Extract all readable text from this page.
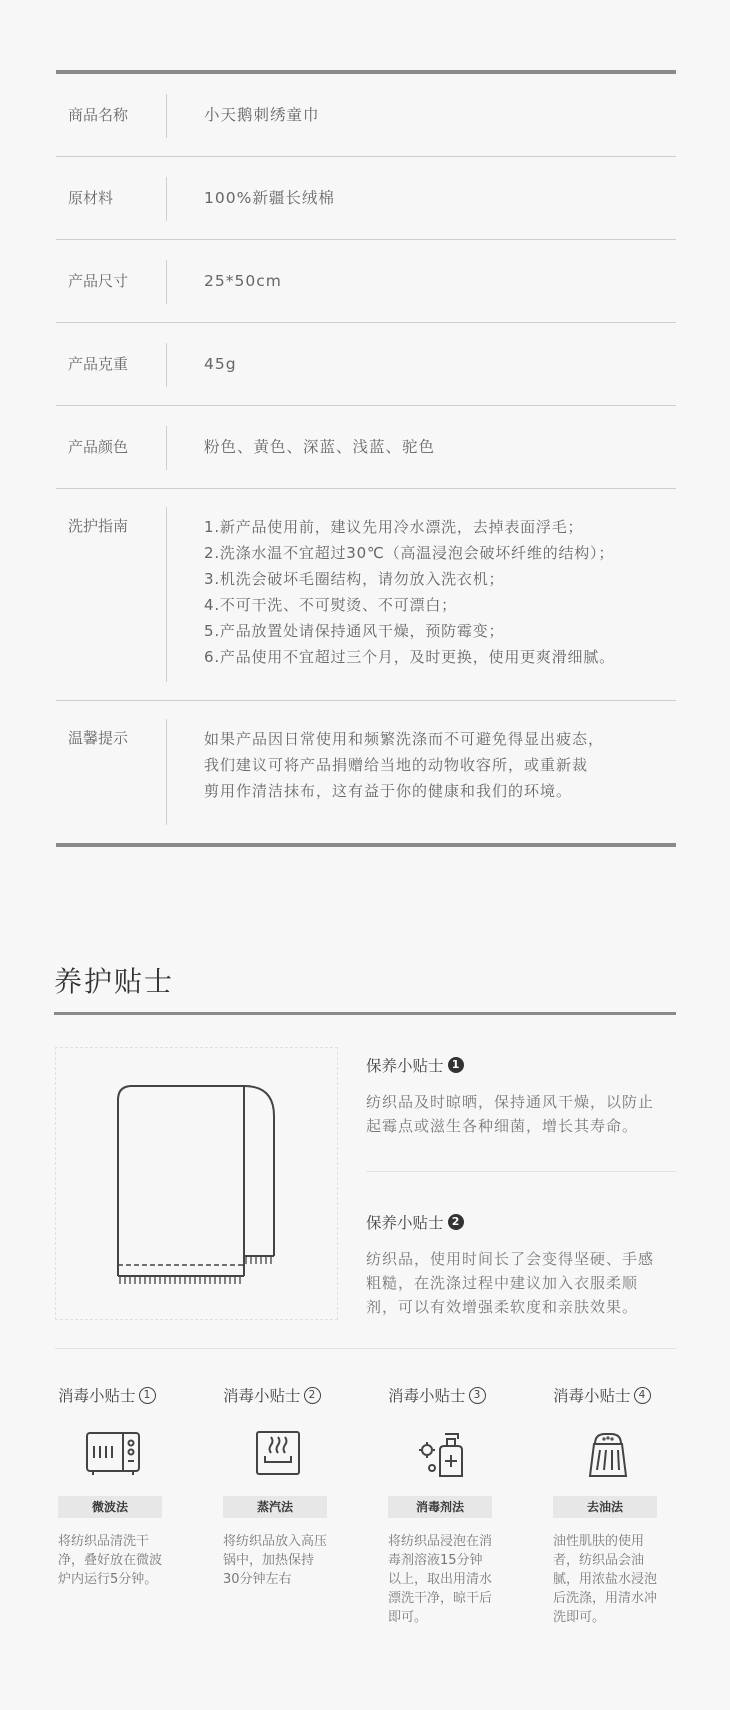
商品名称	小天鹅刺绣童巾
原材料	100%新疆长绒棉
产品尺寸	25*50cm
产品克重	45g
产品颜色	粉色、黄色、深蓝、浅蓝、驼色
洗护指南	1.新产品使用前，建议先用冷水漂洗，去掉表面浮毛；
2.洗涤水温不宜超过30℃（高温浸泡会破坏纤维的结构）；
3.机洗会破坏毛圈结构，请勿放入洗衣机；
4.不可干洗、不可熨烫、不可漂白；
5.产品放置处请保持通风干燥，预防霉变；
6.产品使用不宜超过三个月，及时更换，使用更爽滑细腻。
温馨提示	如果产品因日常使用和频繁洗涤而不可避免得显出疲态，
我们建议可将产品捐赠给当地的动物收容所，或重新裁
剪用作清洁抹布，这有益于你的健康和我们的环境。
养护贴士
保养小贴士 1
纺织品及时晾晒，保持通风干燥，以防止
起霉点或滋生各种细菌，增长其寿命。
保养小贴士 2
纺织品，使用时间长了会变得坚硬、手感
粗糙，在洗涤过程中建议加入衣服柔顺
剂，可以有效增强柔软度和亲肤效果。
消毒小贴士 1
微波法
将纺织品清洗干
净，叠好放在微波
炉内运行5分钟。
消毒小贴士 2
蒸汽法
将纺织品放入高压
锅中，加热保持
30分钟左右
消毒小贴士 3
消毒剂法
将纺织品浸泡在消
毒剂溶液15分钟
以上，取出用清水
漂洗干净，晾干后
即可。
消毒小贴士 4
去油法
油性肌肤的使用
者，纺织品会油
腻，用浓盐水浸泡
后洗涤，用清水冲
洗即可。
